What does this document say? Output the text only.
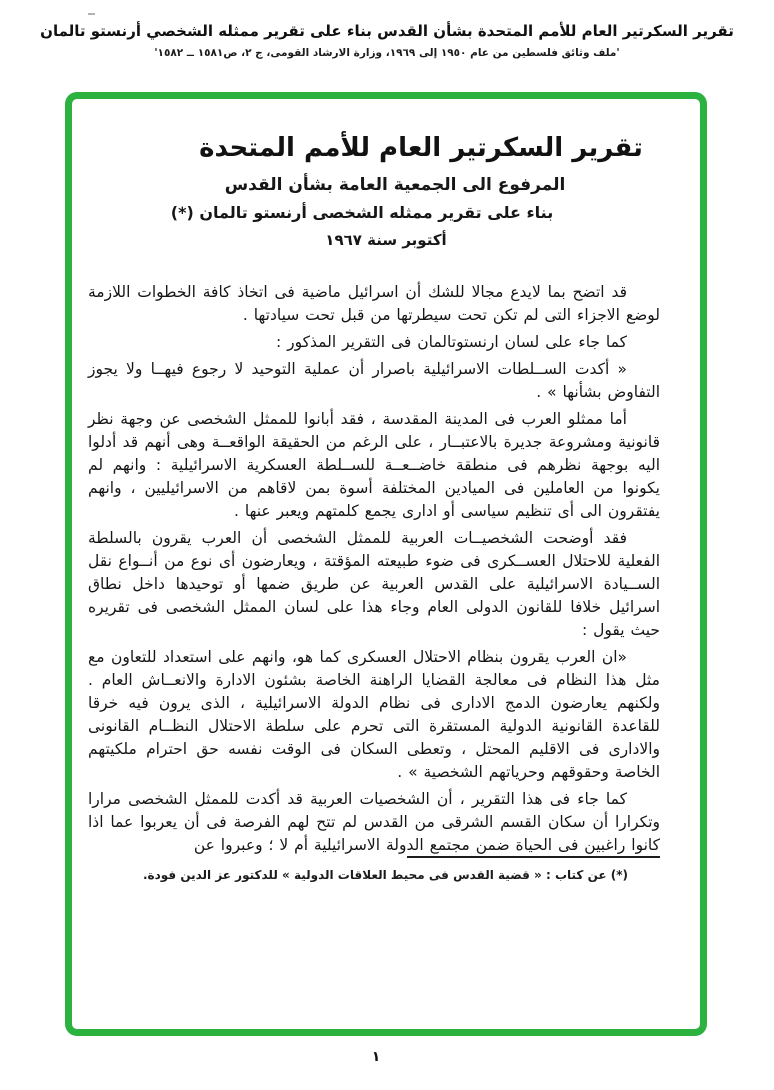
تقرير السكرتير العام للأمم المتحدة بشأن القدس بناء على تقرير ممثله الشخصي أرنستو تالمان
'ملف وثائق فلسطين من عام ١٩٥٠ إلى ١٩٦٩، وزارة الارشاد القومى، ج ٢، ص١٥٨١ ــ ١٥٨٢'
تقرير السكرتير العام للأمم المتحدة
المرفوع الى الجمعية العامة بشأن القدس
بناء على تقرير ممثله الشخصى أرنستو تالمان (*)
أكتوبر سنة ١٩٦٧

قد اتضح بما لايدع مجالا للشك أن اسرائيل ماضية فى اتخاذ كافة الخطوات اللازمة لوضع الاجزاء التى لم تكن تحت سيطرتها من قبل تحت سيادتها .

كما جاء على لسان ارنستوتالمان فى التقرير المذكور :

« أكدت الســلطات الاسرائيلية باصرار أن عملية التوحيد لا رجوع فيهــا ولا يجوز التفاوض بشأنها » .

أما ممثلو العرب فى المدينة المقدسة ، فقد أبانوا للممثل الشخصى عن وجهة نظر قانونية ومشروعة جديرة بالاعتبــار ، على الرغم من الحقيقة الواقعــة وهى أنهم قد أدلوا اليه بوجهة نظرهم فى منطقة خاضــعــة للســلطة العسكرية الاسرائيلية : وانهم لم يكونوا من العاملين فى الميادين المختلفة أسوة بمن لاقاهم من الاسرائيليين ، وانهم يفتقرون الى أى تنظيم سياسى أو ادارى يجمع كلمتهم ويعبر عنها .

فقد أوضحت الشخصيــات العربية للممثل الشخصى أن العرب يقرون بالسلطة الفعلية للاحتلال العســكرى فى ضوء طبيعته المؤقتة ، ويعارضون أى نوع من أنــواع نقل الســيادة الاسرائيلية على القدس العربية عن طريق ضمها أو توحيدها داخل نطاق اسرائيل خلافا للقانون الدولى العام وجاء هذا على لسان الممثل الشخصى فى تقريره حيث يقول :

«ان العرب يقرون بنظام الاحتلال العسكرى كما هو، وانهم على استعداد للتعاون مع مثل هذا النظام فى معالجة القضايا الراهنة الخاصة بشئون الادارة والانعــاش العام . ولكنهم يعارضون الدمج الادارى فى نظام الدولة الاسرائيلية ، الذى يرون فيه خرقا للقاعدة القانونية الدولية المستقرة التى تحرم على سلطة الاحتلال النظــام القانونى والادارى فى الاقليم المحتل ، وتعطى السكان فى الوقت نفسه حق احترام ملكيتهم الخاصة وحقوقهم وحرياتهم الشخصية » .

كما جاء فى هذا التقرير ، أن الشخصيات العربية قد أكدت للممثل الشخصى مرارا وتكرارا أن سكان القسم الشرقى من القدس لم تتح لهم الفرصة فى أن يعربوا عما اذا كانوا راغبين فى الحياة ضمن مجتمع الدولة الاسرائيلية أم لا ؛ وعبروا عن

(*) عن كتاب : « قضية القدس فى محيط العلاقات الدولية » للدكتور عز الدين فودة.
١
